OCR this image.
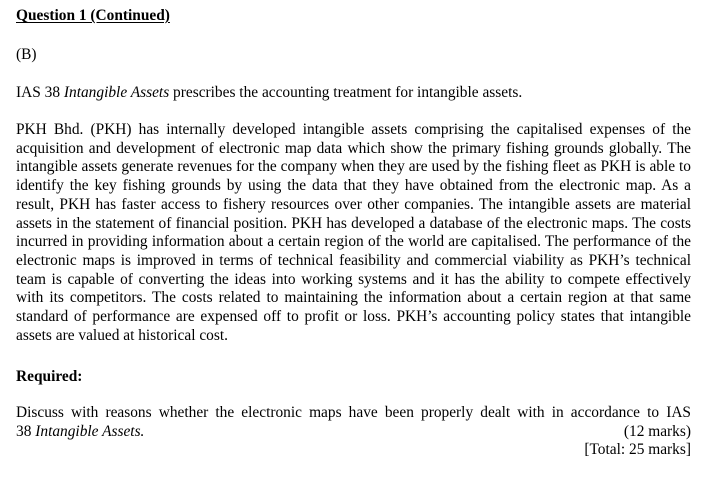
Question 1 (Continued)
(B)
IAS 38 Intangible Assets prescribes the accounting treatment for intangible assets.

PKH Bhd. (PKH) has internally developed intangible assets comprising the capitalised expenses of the acquisition and development of electronic map data which show the primary fishing grounds globally. The intangible assets generate revenues for the company when they are used by the fishing fleet as PKH is able to identify the key fishing grounds by using the data that they have obtained from the electronic map. As a result, PKH has faster access to fishery resources over other companies. The intangible assets are material assets in the statement of financial position. PKH has developed a database of the electronic maps. The costs incurred in providing information about a certain region of the world are capitalised. The performance of the electronic maps is improved in terms of technical feasibility and commercial viability as PKH’s technical team is capable of converting the ideas into working systems and it has the ability to compete effectively with its competitors. The costs related to maintaining the information about a certain region at that same standard of performance are expensed off to profit or loss. PKH’s accounting policy states that intangible assets are valued at historical cost.

Required:
Discuss with reasons whether the electronic maps have been properly dealt with in accordance to IAS
38 Intangible Assets.	(12 marks)
[Total: 25 marks]
